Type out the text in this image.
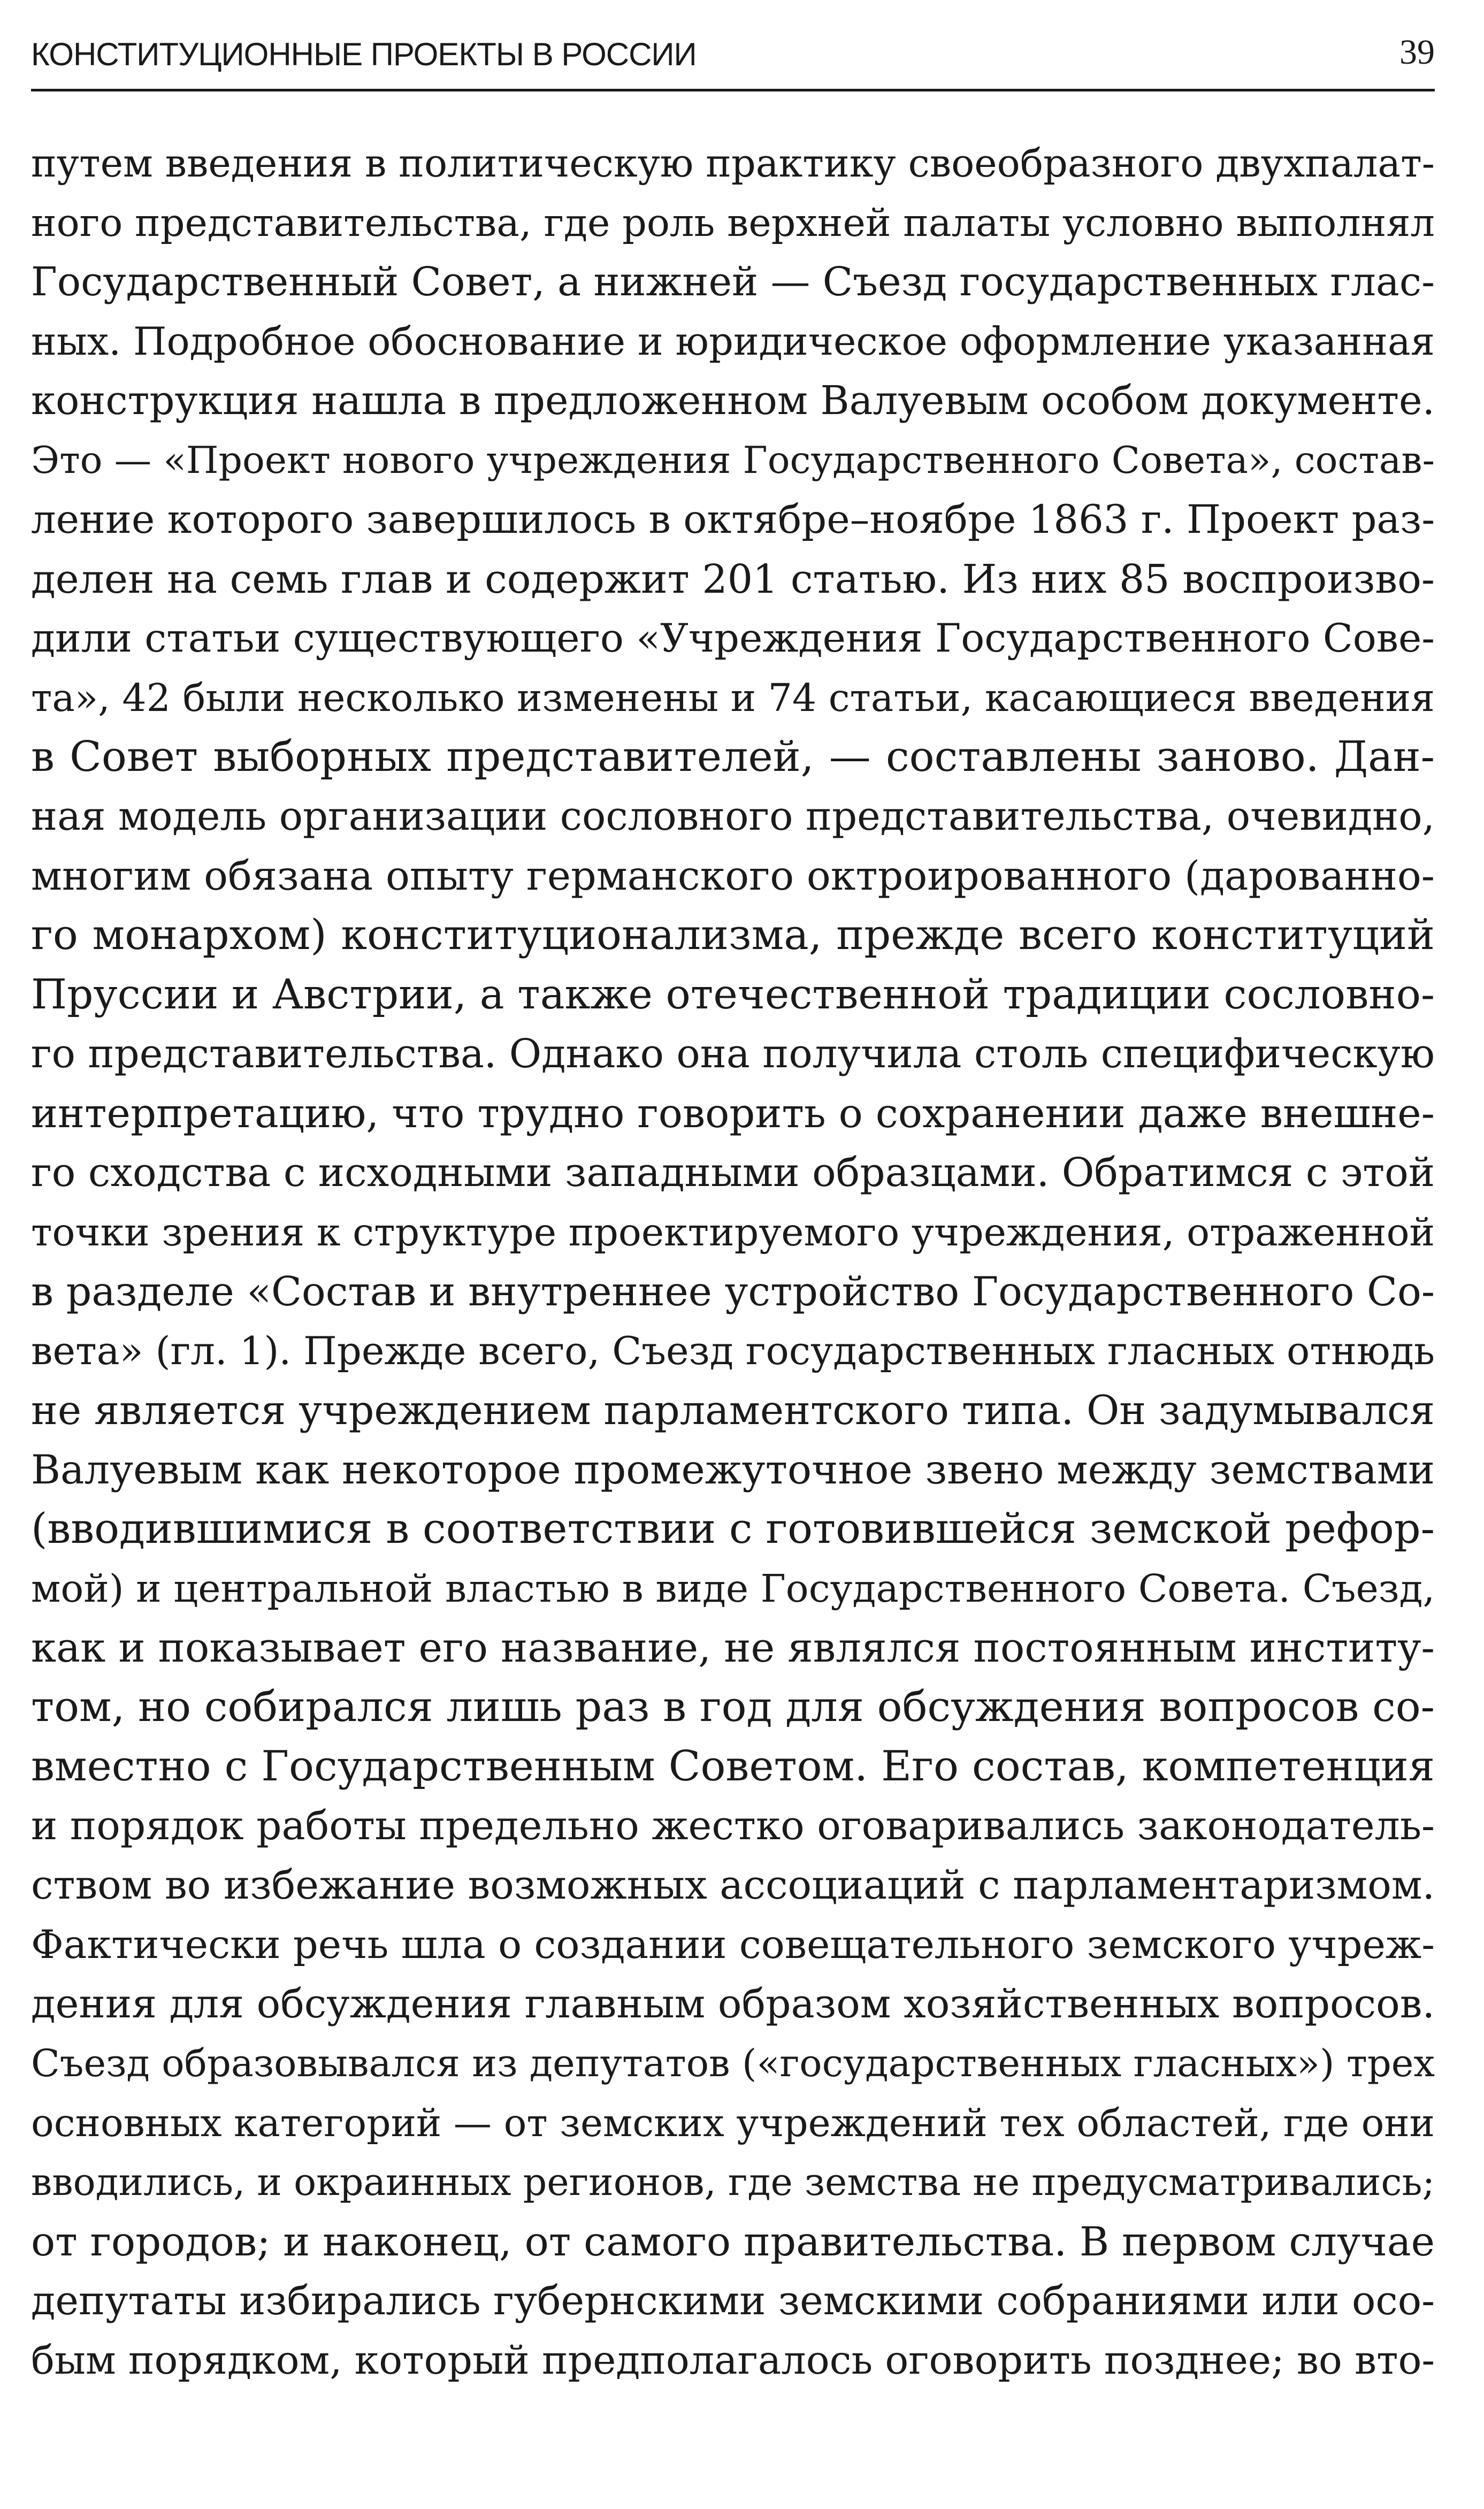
КОНСТИТУЦИОННЫЕ ПРОЕКТЫ В РОССИИ	39
путем введения в политическую практику своеобразного двухпалат-
ного представительства, где роль верхней палаты условно выполнял
Государственный Совет, а нижней — Съезд государственных глас-
ных. Подробное обоснование и юридическое оформление указанная
конструкция нашла в предложенном Валуевым особом документе.
Это — «Проект нового учреждения Государственного Совета», состав-
ление которого завершилось в октябре–ноябре 1863 г. Проект раз-
делен на семь глав и содержит 201 статью. Из них 85 воспроизво-
дили статьи существующего «Учреждения Государственного Сове-
та», 42 были несколько изменены и 74 статьи, касающиеся введения
в Совет выборных представителей, — составлены заново. Дан-
ная модель организации сословного представительства, очевидно,
многим обязана опыту германского октроированного (дарованно-
го монархом) конституционализма, прежде всего конституций
Пруссии и Австрии, а также отечественной традиции сословно-
го представительства. Однако она получила столь специфическую
интерпретацию, что трудно говорить о сохранении даже внешне-
го сходства с исходными западными образцами. Обратимся с этой
точки зрения к структуре проектируемого учреждения, отраженной
в разделе «Состав и внутреннее устройство Государственного Со-
вета» (гл. 1). Прежде всего, Съезд государственных гласных отнюдь
не является учреждением парламентского типа. Он задумывался
Валуевым как некоторое промежуточное звено между земствами
(вводившимися в соответствии с готовившейся земской рефор-
мой) и центральной властью в виде Государственного Совета. Съезд,
как и показывает его название, не являлся постоянным институ-
том, но собирался лишь раз в год для обсуждения вопросов со-
вместно с Государственным Советом. Его состав, компетенция
и порядок работы предельно жестко оговаривались законодатель-
ством во избежание возможных ассоциаций с парламентаризмом.
Фактически речь шла о создании совещательного земского учреж-
дения для обсуждения главным образом хозяйственных вопросов.
Съезд образовывался из депутатов («государственных гласных») трех
основных категорий — от земских учреждений тех областей, где они
вводились, и окраинных регионов, где земства не предусматривались;
от городов; и наконец, от самого правительства. В первом случае
депутаты избирались губернскими земскими собраниями или осо-
бым порядком, который предполагалось оговорить позднее; во вто-
